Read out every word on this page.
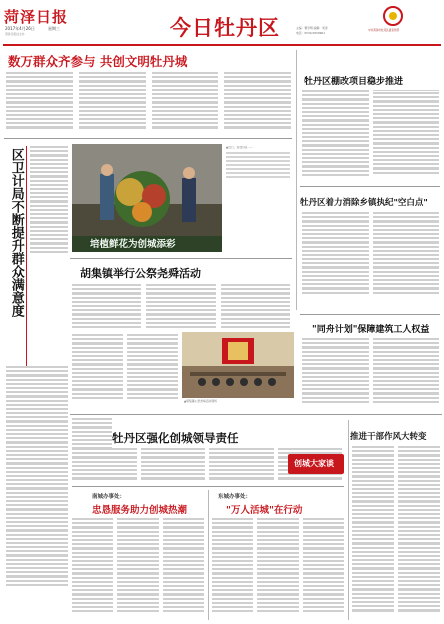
菏泽日报
2017年4月26日	星期三
菏泽日报社主办	今日牡丹区	主编：曹学明 编辑：刘涛
电话：0530-5659961
中共菏泽市牡丹区委宣传部
数万群众齐参与 共创文明牡丹城
牡丹区棚改项目稳步推进
牡丹区着力消除乡镇执纪"空白点"
区卫计局不断提升群众满意度	培植鲜花为创城添彩
▲近日，在牡丹区……
胡集镇举行公祭尧舜活动
▲胡集镇公祭尧舜活动现场
"同舟计划"保障建筑工人权益
牡丹区强化创城领导责任	推进干部作风大转变
创城大家谈
南城办事处：
忠恳服务助力创城热潮
东城办事处：
"万人活城"在行动
